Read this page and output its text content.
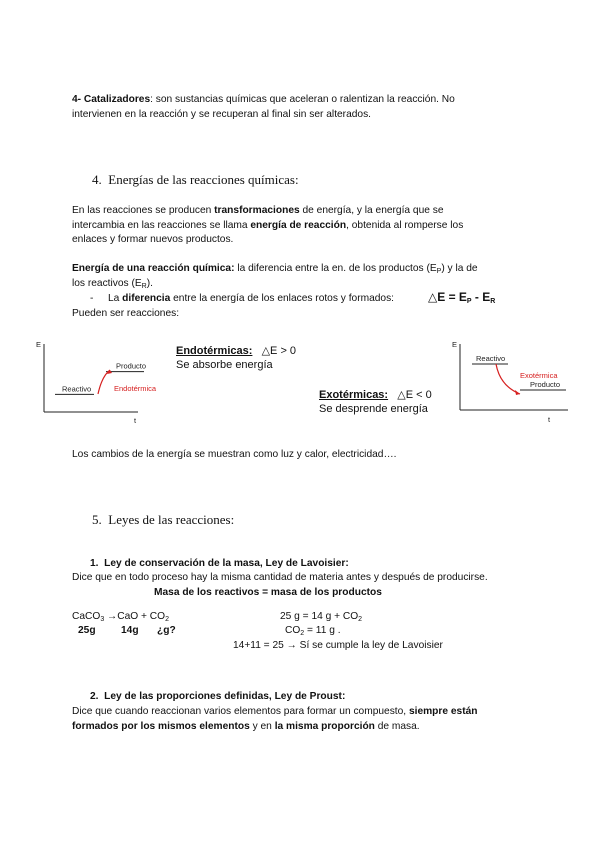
4- Catalizadores: son sustancias químicas que aceleran o ralentizan la reacción. No
intervienen en la reacción y se recuperan al final sin ser alterados.
4. Energías de las reacciones químicas:
En las reacciones se producen transformaciones de energía, y la energía que se
intercambia en las reacciones se llama energía de reacción, obtenida al romperse los
enlaces y formar nuevos productos.
Energía de una reacción química: la diferencia entre la en. de los productos $(E_P)$ y la de
los reactivos $(E_R)$.
- La diferencia entre la energía de los enlaces rotos y formados:	△E = $E_P - E_R$
Pueden ser reacciones:
E
t
Reactivo
Producto
Endotérmica
Endotérmicas: △E > 0
Se absorbe energía
Exotérmicas: △E < 0
Se desprende energía
E
t
Reactivo
Producto
Exotérmica
Los cambios de la energía se muestran como luz y calor, electricidad….
5. Leyes de las reacciones:
1. Ley de conservación de la masa, Ley de Lavoisier:
Dice que en todo proceso hay la misma cantidad de materia antes y después de producirse.
Masa de los reactivos = masa de los productos
CaCO$_3$ $\to CaO + CO_2$
25g 14g ¿g?
25 g = 14 $g + CO_2$
$CO_2 = 11$ g .
14+11 = 25 → Sí se cumple la ley de Lavoisier
2. Ley de las proporciones definidas, Ley de Proust:
Dice que cuando reaccionan varios elementos para formar un compuesto, siempre están
formados por los mismos elementos y en la misma proporción de masa.
